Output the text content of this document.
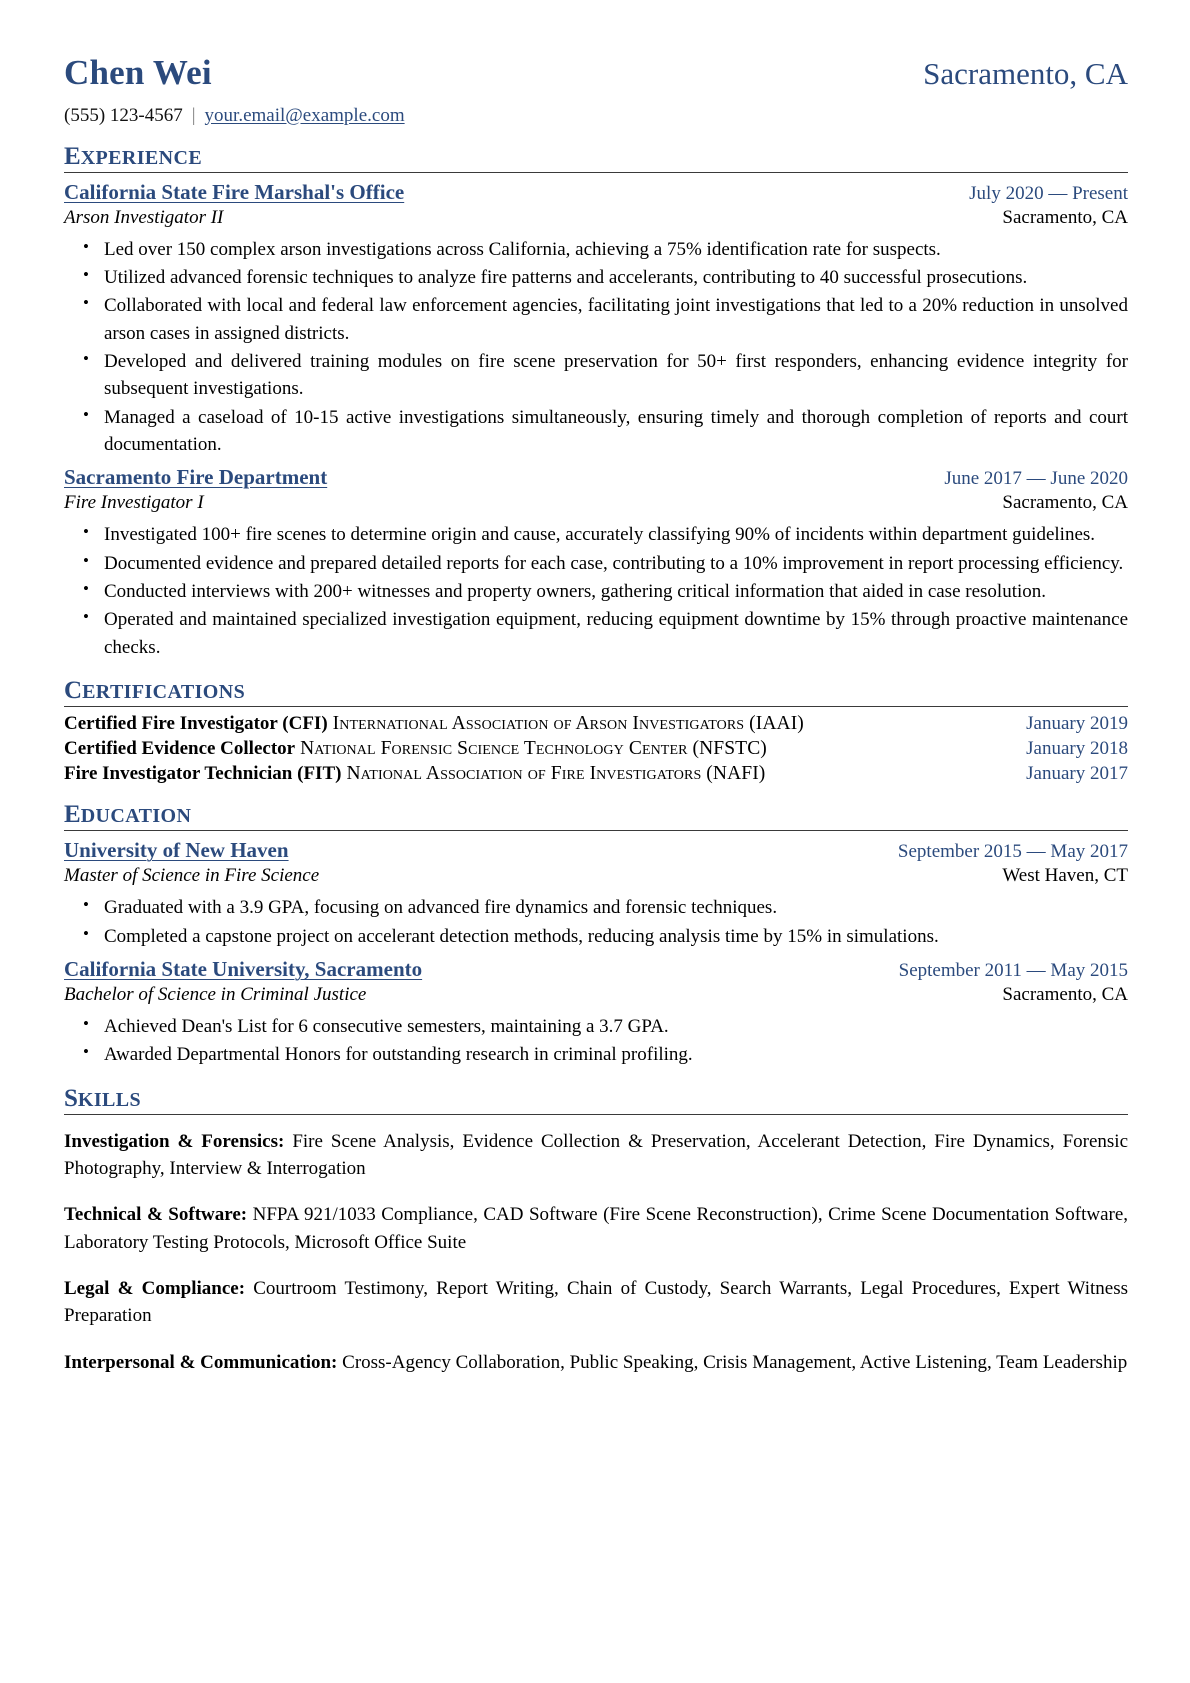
Chen Wei	Sacramento, CA
(555) 123-4567 | your.email@example.com
EXPERIENCE
California State Fire Marshal's Office	July 2020 — Present
Arson Investigator II	Sacramento, CA
• Led over 150 complex arson investigations across California, achieving a 75% identification rate for suspects.
• Utilized advanced forensic techniques to analyze fire patterns and accelerants, contributing to 40 successful prosecutions.
• Collaborated with local and federal law enforcement agencies, facilitating joint investigations that led to a 20% reduction in unsolved arson cases in assigned districts.
• Developed and delivered training modules on fire scene preservation for 50+ first responders, enhancing evidence integrity for subsequent investigations.
• Managed a caseload of 10-15 active investigations simultaneously, ensuring timely and thorough completion of reports and court documentation.
Sacramento Fire Department	June 2017 — June 2020
Fire Investigator I	Sacramento, CA
• Investigated 100+ fire scenes to determine origin and cause, accurately classifying 90% of incidents within department guidelines.
• Documented evidence and prepared detailed reports for each case, contributing to a 10% improvement in report processing efficiency.
• Conducted interviews with 200+ witnesses and property owners, gathering critical information that aided in case resolution.
• Operated and maintained specialized investigation equipment, reducing equipment downtime by 15% through proactive maintenance checks.
CERTIFICATIONS
Certified Fire Investigator (CFI) International Association of Arson Investigators (IAAI)	January 2019
Certified Evidence Collector National Forensic Science Technology Center (NFSTC)	January 2018
Fire Investigator Technician (FIT) National Association of Fire Investigators (NAFI)	January 2017
EDUCATION
University of New Haven	September 2015 — May 2017
Master of Science in Fire Science	West Haven, CT
• Graduated with a 3.9 GPA, focusing on advanced fire dynamics and forensic techniques.
• Completed a capstone project on accelerant detection methods, reducing analysis time by 15% in simulations.
California State University, Sacramento	September 2011 — May 2015
Bachelor of Science in Criminal Justice	Sacramento, CA
• Achieved Dean's List for 6 consecutive semesters, maintaining a 3.7 GPA.
• Awarded Departmental Honors for outstanding research in criminal profiling.
SKILLS

Investigation & Forensics: Fire Scene Analysis, Evidence Collection & Preservation, Accelerant Detection, Fire Dynamics, Forensic Photography, Interview & Interrogation

Technical & Software: NFPA 921/1033 Compliance, CAD Software (Fire Scene Reconstruction), Crime Scene Documentation Software, Laboratory Testing Protocols, Microsoft Office Suite

Legal & Compliance: Courtroom Testimony, Report Writing, Chain of Custody, Search Warrants, Legal Procedures, Expert Witness Preparation

Interpersonal & Communication: Cross-Agency Collaboration, Public Speaking, Crisis Management, Active Listening, Team Leadership
